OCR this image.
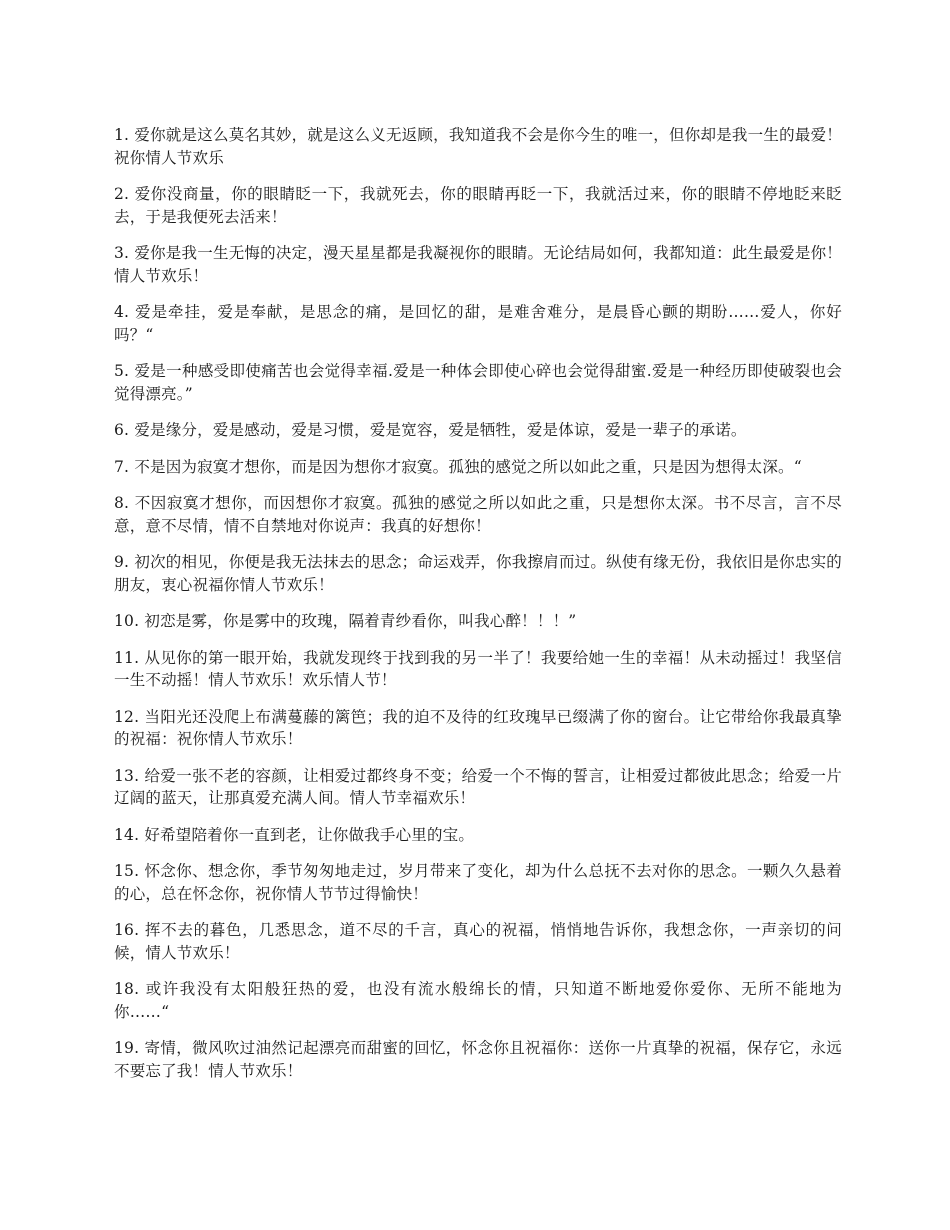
1. 爱你就是这么莫名其妙，就是这么义无返顾，我知道我不会是你今生的唯一，但你却是我一生的最爱！祝你情人节欢乐

2. 爱你没商量，你的眼睛眨一下，我就死去，你的眼睛再眨一下，我就活过来，你的眼睛不停地眨来眨去，于是我便死去活来！

3. 爱你是我一生无悔的决定，漫天星星都是我凝视你的眼睛。无论结局如何，我都知道：此生最爱是你！情人节欢乐！

4. 爱是牵挂，爱是奉献，是思念的痛，是回忆的甜，是难舍难分，是晨昏心颤的期盼……爱人，你好吗？“

5. 爱是一种感受即使痛苦也会觉得幸福.爱是一种体会即使心碎也会觉得甜蜜.爱是一种经历即使破裂也会觉得漂亮。”

6. 爱是缘分，爱是感动，爱是习惯，爱是宽容，爱是牺牲，爱是体谅，爱是一辈子的承诺。

7. 不是因为寂寞才想你，而是因为想你才寂寞。孤独的感觉之所以如此之重，只是因为想得太深。“

8. 不因寂寞才想你，而因想你才寂寞。孤独的感觉之所以如此之重，只是想你太深。书不尽言，言不尽意，意不尽情，情不自禁地对你说声：我真的好想你！

9. 初次的相见，你便是我无法抹去的思念；命运戏弄，你我擦肩而过。纵使有缘无份，我依旧是你忠实的朋友，衷心祝福你情人节欢乐！

10. 初恋是雾，你是雾中的玫瑰，隔着青纱看你，叫我心醉！！！”

11. 从见你的第一眼开始，我就发现终于找到我的另一半了！我要给她一生的幸福！从未动摇过！我坚信一生不动摇！情人节欢乐！欢乐情人节！

12. 当阳光还没爬上布满蔓藤的篱笆；我的迫不及待的红玫瑰早已缀满了你的窗台。让它带给你我最真挚的祝福：祝你情人节欢乐！

13. 给爱一张不老的容颜，让相爱过都终身不变；给爱一个不悔的誓言，让相爱过都彼此思念；给爱一片辽阔的蓝天，让那真爱充满人间。情人节幸福欢乐！

14. 好希望陪着你一直到老，让你做我手心里的宝。

15. 怀念你、想念你，季节匆匆地走过，岁月带来了变化，却为什么总抚不去对你的思念。一颗久久悬着的心，总在怀念你，祝你情人节节过得愉快！

16. 挥不去的暮色，几悉思念，道不尽的千言，真心的祝福，悄悄地告诉你，我想念你，一声亲切的问候，情人节欢乐！

18. 或许我没有太阳般狂热的爱，也没有流水般绵长的情，只知道不断地爱你爱你、无所不能地为你……“

19. 寄情，微风吹过油然记起漂亮而甜蜜的回忆，怀念你且祝福你：送你一片真挚的祝福，保存它，永远不要忘了我！情人节欢乐！
